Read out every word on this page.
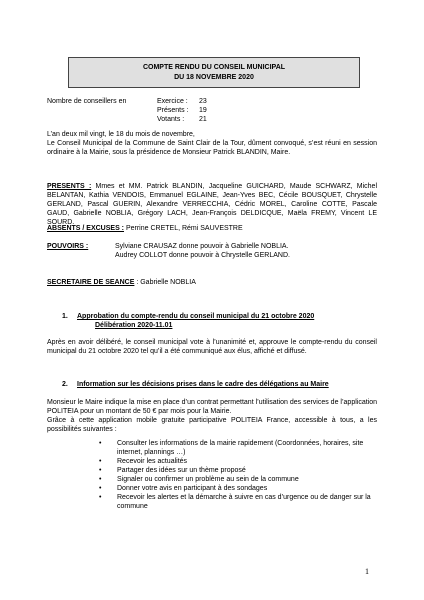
COMPTE RENDU DU CONSEIL MUNICIPAL
DU 18 NOVEMBRE 2020
Nombre de conseillers en	Exercice : 23
Présents : 19
Votants : 21
L’an deux mil vingt, le 18 du mois de novembre,
Le Conseil Municipal de la Commune de Saint Clair de la Tour, dûment convoqué, s’est réuni en session ordinaire à la Mairie, sous la présidence de Monsieur Patrick BLANDIN, Maire.
PRESENTS : Mmes et MM. Patrick BLANDIN, Jacqueline GUICHARD, Maude SCHWARZ, Michel BELANTAN, Kathia VENDOIS, Emmanuel EGLAINE, Jean-Yves BEC, Cécile BOUSQUET, Chrystelle GERLAND, Pascal GUERIN, Alexandre VERRECCHIA, Cédric MOREL, Caroline COTTE, Pascale GAUD, Gabrielle NOBLIA, Grégory LACH, Jean-François DELDICQUE, Maëla FREMY, Vincent LE SOURD.
ABSENTS / EXCUSES : Perrine CRETEL, Rémi SAUVESTRE
POUVOIRS :	Sylviane CRAUSAZ donne pouvoir à Gabrielle NOBLIA.
Audrey COLLOT donne pouvoir à Chrystelle GERLAND.
SECRETAIRE DE SEANCE : Gabrielle NOBLIA
1. Approbation du compte-rendu du conseil municipal du 21 octobre 2020
Délibération 2020-11.01
Après en avoir délibéré, le conseil municipal vote à l’unanimité et, approuve le compte-rendu du conseil municipal du 21 octobre 2020 tel qu’il a été communiqué aux élus, affiché et diffusé.
2. Information sur les décisions prises dans le cadre des délégations au Maire
Monsieur le Maire indique la mise en place d’un contrat permettant l’utilisation des services de l’application POLITEIA pour un montant de 50 € par mois pour la Mairie.
Grâce à cette application mobile gratuite participative POLITEIA France, accessible à tous, a les possibilités suivantes :
• Consulter les informations de la mairie rapidement (Coordonnées, horaires, site internet, plannings …)
• Recevoir les actualités
• Partager des idées sur un thème proposé
• Signaler ou confirmer un problème au sein de la commune
• Donner votre avis en participant à des sondages
• Recevoir les alertes et la démarche à suivre en cas d’urgence ou de danger sur la commune
1
